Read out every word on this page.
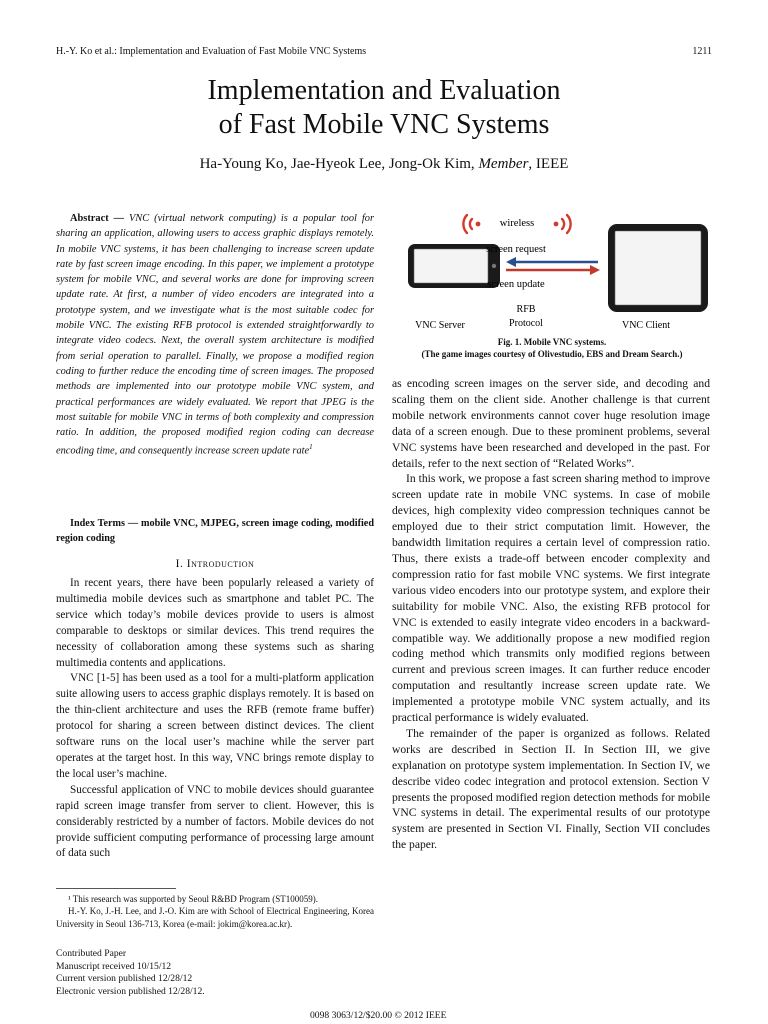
H.-Y. Ko et al.: Implementation and Evaluation of Fast Mobile VNC Systems	1211
Implementation and Evaluation
of Fast Mobile VNC Systems
Ha-Young Ko, Jae-Hyeok Lee, Jong-Ok Kim, Member, IEEE
Abstract — VNC (virtual network computing) is a popular tool for sharing an application, allowing users to access graphic displays remotely. In mobile VNC systems, it has been challenging to increase screen update rate by fast screen image encoding. In this paper, we implement a prototype system for mobile VNC, and several works are done for improving screen update rate. At first, a number of video encoders are integrated into a prototype system, and we investigate what is the most suitable codec for mobile VNC. The existing RFB protocol is extended straightforwardly to integrate video codecs. Next, the overall system architecture is modified from serial operation to parallel. Finally, we propose a modified region coding to further reduce the encoding time of screen images. The proposed methods are implemented into our prototype mobile VNC system, and practical performances are widely evaluated. We report that JPEG is the most suitable for mobile VNC in terms of both complexity and compression ratio. In addition, the proposed modified region coding can decrease encoding time, and consequently increase screen update rate$^1$
Index Terms — mobile VNC, MJPEG, screen image coding, modified region coding
I. Introduction

In recent years, there have been popularly released a variety of multimedia mobile devices such as smartphone and tablet PC. The service which today’s mobile devices provide to users is almost comparable to desktops or similar devices. This trend requires the necessity of collaboration among these systems such as sharing multimedia contents and applications.

VNC [1-5] has been used as a tool for a multi-platform application suite allowing users to access graphic displays remotely. It is based on the thin-client architecture and uses the RFB (remote frame buffer) protocol for sharing a screen between distinct devices. The client software runs on the local user’s machine while the server part operates at the target host. In this way, VNC brings remote display to the local user’s machine.

Successful application of VNC to mobile devices should guarantee rapid screen image transfer from server to client. However, this is considerably restricted by a number of factors. Mobile devices do not provide sufficient computing performance of processing large amount of data such

¹ This research was supported by Seoul R&BD Program (ST100059).

H.-Y. Ko, J.-H. Lee, and J.-O. Kim are with School of Electrical Engineering, Korea University in Seoul 136-713, Korea (e-mail: jokim@korea.ac.kr).

Contributed Paper
Manuscript received 10/15/12
Current version published 12/28/12
Electronic version published 12/28/12.
0098 3063/12/$20.00 © 2012 IEEE
wireless
screen request
screen update
RFB
Protocol
VNC Server	VNC Client
Fig. 1. Mobile VNC systems.
(The game images courtesy of Olivestudio, EBS and Dream Search.)

as encoding screen images on the server side, and decoding and scaling them on the client side. Another challenge is that current mobile network environments cannot cover huge resolution image data of a screen enough. Due to these prominent problems, several VNC systems have been researched and developed in the past. For details, refer to the next section of “Related Works”.

In this work, we propose a fast screen sharing method to improve screen update rate in mobile VNC systems. In case of mobile devices, high complexity video compression techniques cannot be employed due to their strict computation limit. However, the bandwidth limitation requires a certain level of compression ratio. Thus, there exists a trade-off between encoder complexity and compression ratio for fast mobile VNC systems. We first integrate various video encoders into our prototype system, and explore their suitability for mobile VNC. Also, the existing RFB protocol for VNC is extended to easily integrate video encoders in a backward-compatible way. We additionally propose a new modified region coding method which transmits only modified regions between current and previous screen images. It can further reduce encoder computation and resultantly increase screen update rate. We implemented a prototype mobile VNC system actually, and its practical performance is widely evaluated.

The remainder of the paper is organized as follows. Related works are described in Section II. In Section III, we give explanation on prototype system implementation. In Section IV, we describe video codec integration and protocol extension. Section V presents the proposed modified region detection methods for mobile VNC systems in detail. The experimental results of our prototype system are presented in Section VI. Finally, Section VII concludes the paper.
